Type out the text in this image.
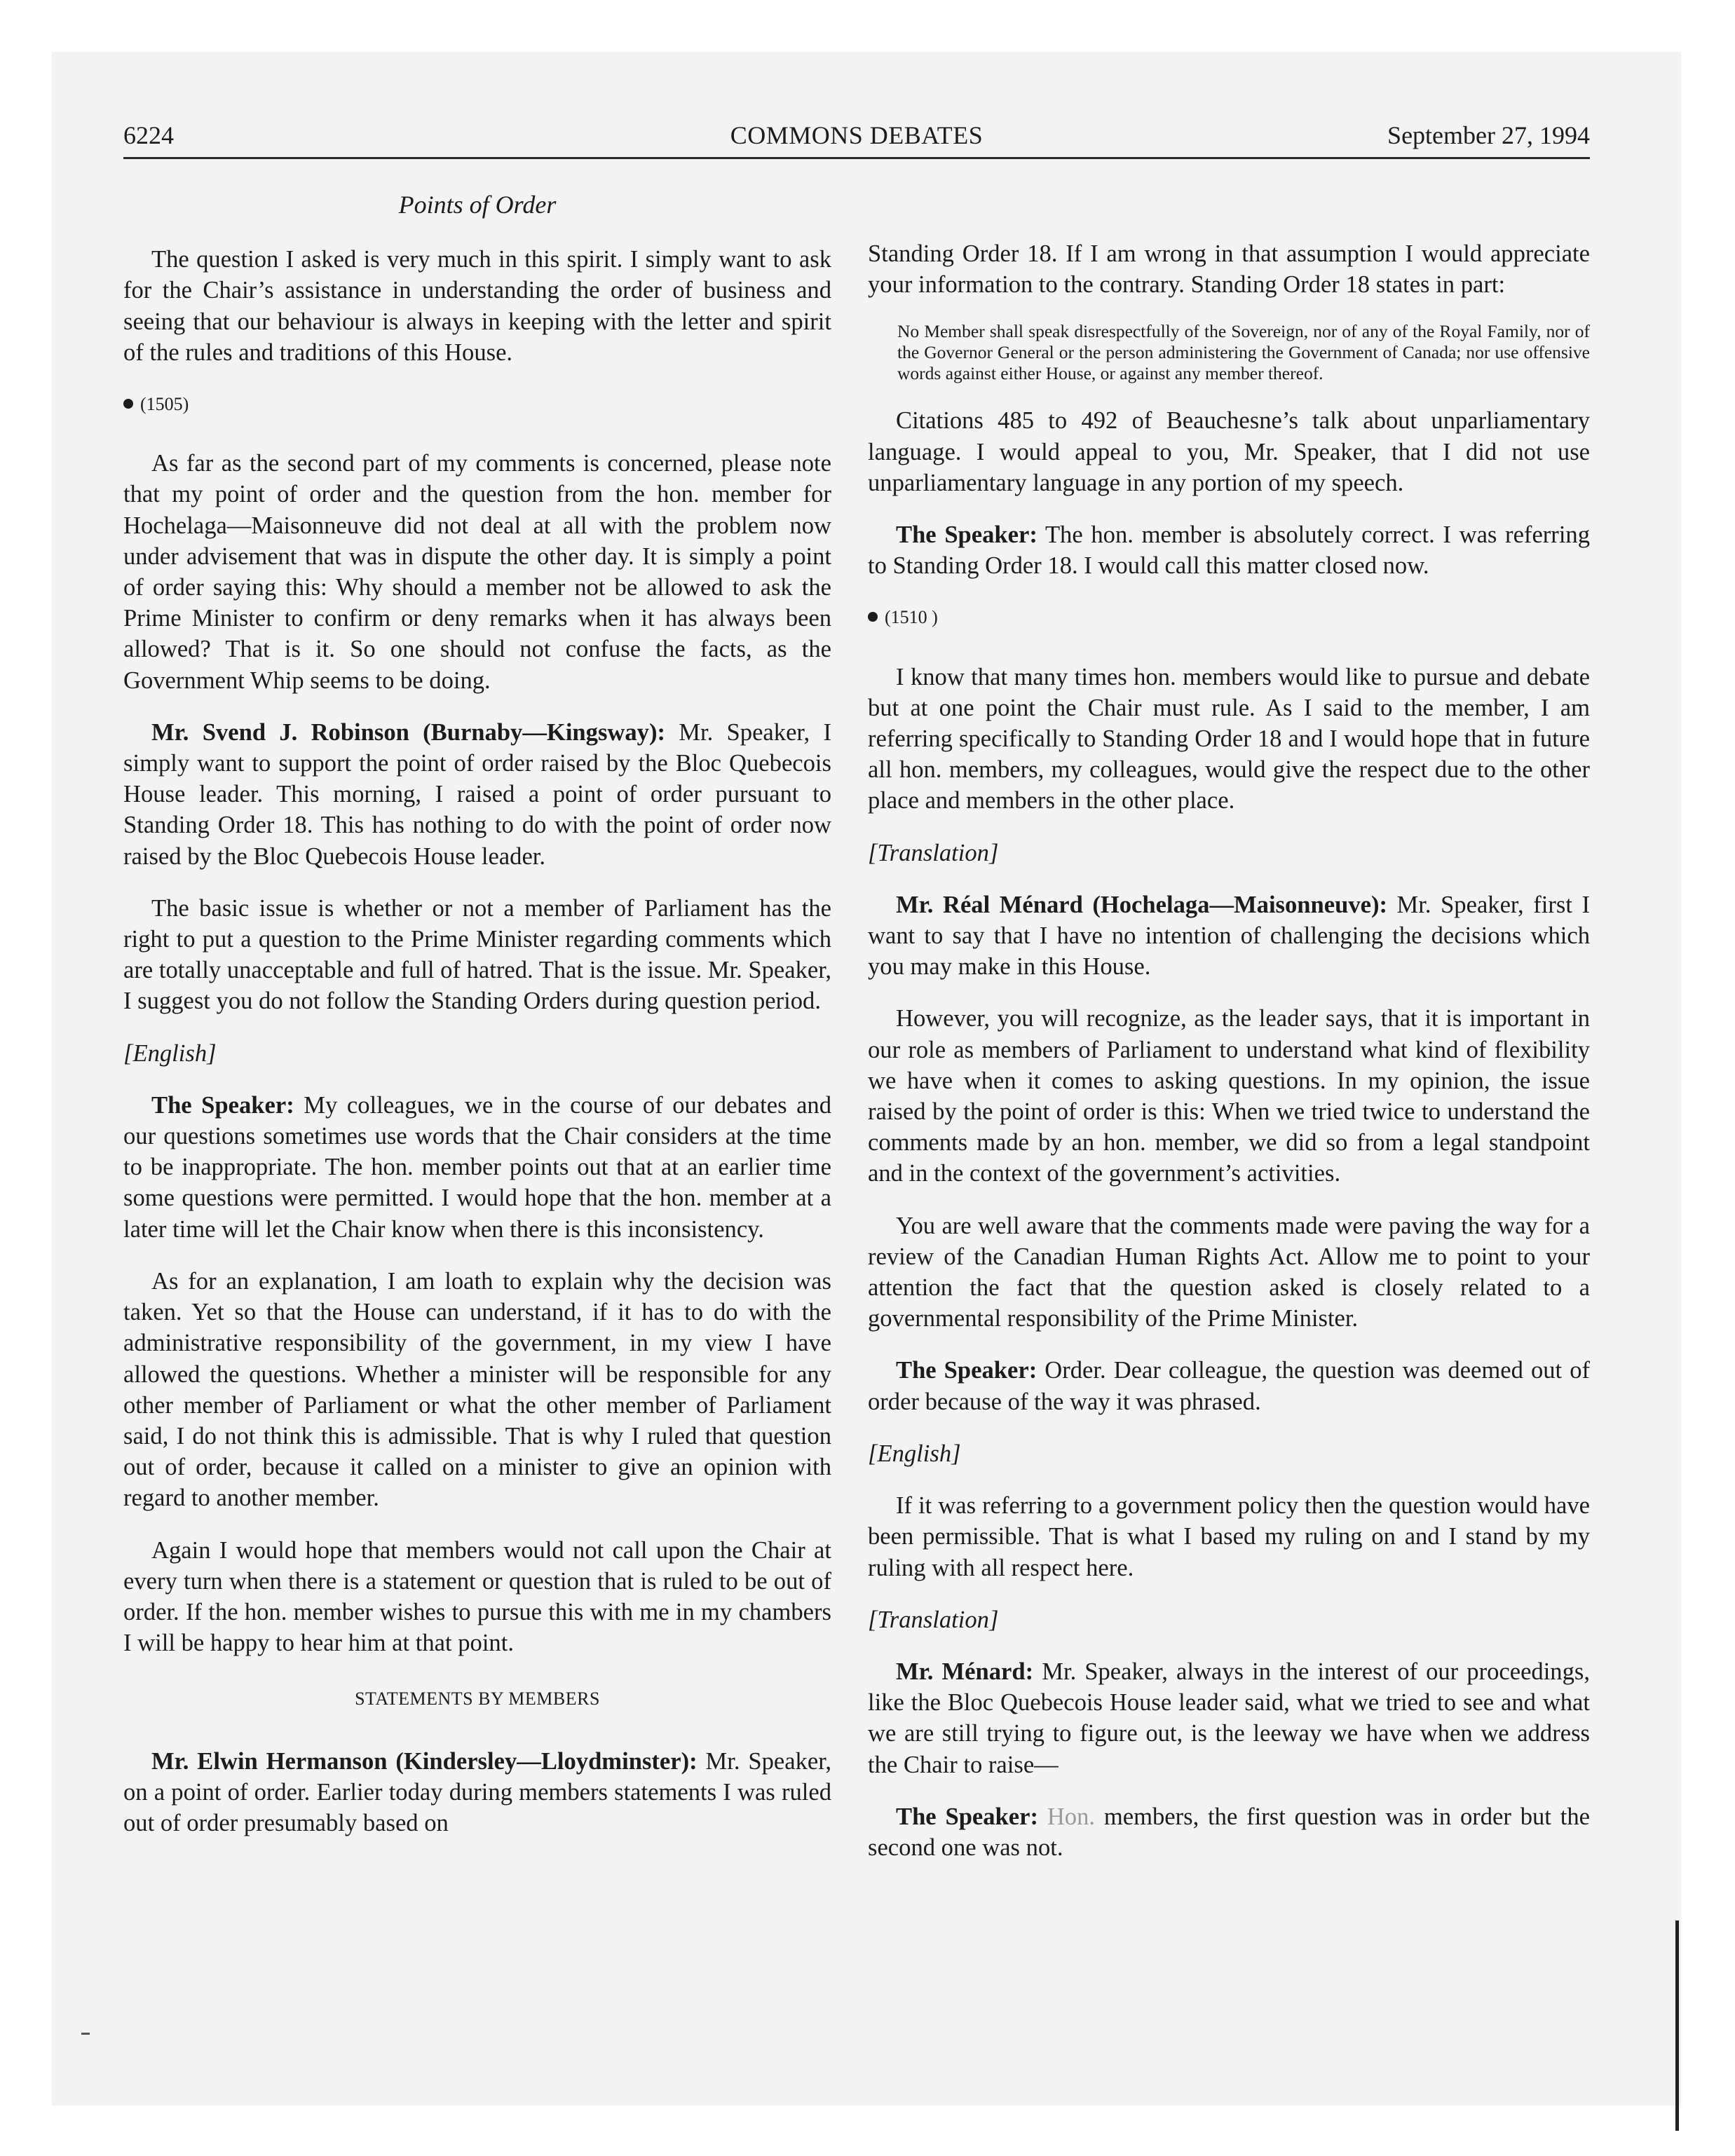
6224	COMMONS DEBATES	September 27, 1994
Points of Order

The question I asked is very much in this spirit. I simply want to ask for the Chair’s assistance in understanding the order of business and seeing that our behaviour is always in keeping with the letter and spirit of the rules and traditions of this House.

(1505)

As far as the second part of my comments is concerned, please note that my point of order and the question from the hon. member for Hochelaga—Maisonneuve did not deal at all with the problem now under advisement that was in dispute the other day. It is simply a point of order saying this: Why should a member not be allowed to ask the Prime Minister to confirm or deny remarks when it has always been allowed? That is it. So one should not confuse the facts, as the Government Whip seems to be doing.

Mr. Svend J. Robinson (Burnaby—Kingsway): Mr. Speaker, I simply want to support the point of order raised by the Bloc Quebecois House leader. This morning, I raised a point of order pursuant to Standing Order 18. This has nothing to do with the point of order now raised by the Bloc Quebecois House leader.

The basic issue is whether or not a member of Parliament has the right to put a question to the Prime Minister regarding comments which are totally unacceptable and full of hatred. That is the issue. Mr. Speaker, I suggest you do not follow the Standing Orders during question period.

[English]

The Speaker: My colleagues, we in the course of our debates and our questions sometimes use words that the Chair considers at the time to be inappropriate. The hon. member points out that at an earlier time some questions were permitted. I would hope that the hon. member at a later time will let the Chair know when there is this inconsistency.

As for an explanation, I am loath to explain why the decision was taken. Yet so that the House can understand, if it has to do with the administrative responsibility of the government, in my view I have allowed the questions. Whether a minister will be responsible for any other member of Parliament or what the other member of Parliament said, I do not think this is admissible. That is why I ruled that question out of order, because it called on a minister to give an opinion with regard to another member.

Again I would hope that members would not call upon the Chair at every turn when there is a statement or question that is ruled to be out of order. If the hon. member wishes to pursue this with me in my chambers I will be happy to hear him at that point.

STATEMENTS BY MEMBERS

Mr. Elwin Hermanson (Kindersley—Lloydminster): Mr. Speaker, on a point of order. Earlier today during members statements I was ruled out of order presumably based on

Standing Order 18. If I am wrong in that assumption I would appreciate your information to the contrary. Standing Order 18 states in part:

No Member shall speak disrespectfully of the Sovereign, nor of any of the Royal Family, nor of the Governor General or the person administering the Government of Canada; nor use offensive words against either House, or against any member thereof.

Citations 485 to 492 of Beauchesne’s talk about unparliamentary language. I would appeal to you, Mr. Speaker, that I did not use unparliamentary language in any portion of my speech.

The Speaker: The hon. member is absolutely correct. I was referring to Standing Order 18. I would call this matter closed now.

(1510 )

I know that many times hon. members would like to pursue and debate but at one point the Chair must rule. As I said to the member, I am referring specifically to Standing Order 18 and I would hope that in future all hon. members, my colleagues, would give the respect due to the other place and members in the other place.

[Translation]

Mr. Réal Ménard (Hochelaga—Maisonneuve): Mr. Speaker, first I want to say that I have no intention of challenging the decisions which you may make in this House.

However, you will recognize, as the leader says, that it is important in our role as members of Parliament to understand what kind of flexibility we have when it comes to asking questions. In my opinion, the issue raised by the point of order is this: When we tried twice to understand the comments made by an hon. member, we did so from a legal standpoint and in the context of the government’s activities.

You are well aware that the comments made were paving the way for a review of the Canadian Human Rights Act. Allow me to point to your attention the fact that the question asked is closely related to a governmental responsibility of the Prime Minister.

The Speaker: Order. Dear colleague, the question was deemed out of order because of the way it was phrased.

[English]

If it was referring to a government policy then the question would have been permissible. That is what I based my ruling on and I stand by my ruling with all respect here.

[Translation]

Mr. Ménard: Mr. Speaker, always in the interest of our proceedings, like the Bloc Quebecois House leader said, what we tried to see and what we are still trying to figure out, is the leeway we have when we address the Chair to raise—

The Speaker: Hon. members, the first question was in order but the second one was not.
